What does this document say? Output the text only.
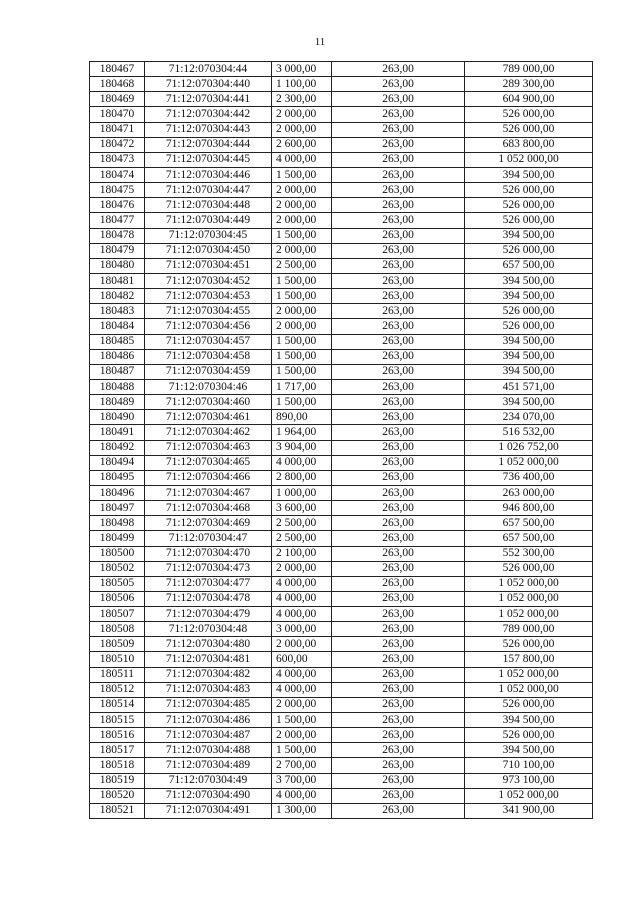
11
180467	71:12:070304:44	3 000,00	263,00	789 000,00
180468	71:12:070304:440	1 100,00	263,00	289 300,00
180469	71:12:070304:441	2 300,00	263,00	604 900,00
180470	71:12:070304:442	2 000,00	263,00	526 000,00
180471	71:12:070304:443	2 000,00	263,00	526 000,00
180472	71:12:070304:444	2 600,00	263,00	683 800,00
180473	71:12:070304:445	4 000,00	263,00	1 052 000,00
180474	71:12:070304:446	1 500,00	263,00	394 500,00
180475	71:12:070304:447	2 000,00	263,00	526 000,00
180476	71:12:070304:448	2 000,00	263,00	526 000,00
180477	71:12:070304:449	2 000,00	263,00	526 000,00
180478	71:12:070304:45	1 500,00	263,00	394 500,00
180479	71:12:070304:450	2 000,00	263,00	526 000,00
180480	71:12:070304:451	2 500,00	263,00	657 500,00
180481	71:12:070304:452	1 500,00	263,00	394 500,00
180482	71:12:070304:453	1 500,00	263,00	394 500,00
180483	71:12:070304:455	2 000,00	263,00	526 000,00
180484	71:12:070304:456	2 000,00	263,00	526 000,00
180485	71:12:070304:457	1 500,00	263,00	394 500,00
180486	71:12:070304:458	1 500,00	263,00	394 500,00
180487	71:12:070304:459	1 500,00	263,00	394 500,00
180488	71:12:070304:46	1 717,00	263,00	451 571,00
180489	71:12:070304:460	1 500,00	263,00	394 500,00
180490	71:12:070304:461	890,00	263,00	234 070,00
180491	71:12:070304:462	1 964,00	263,00	516 532,00
180492	71:12:070304:463	3 904,00	263,00	1 026 752,00
180494	71:12:070304:465	4 000,00	263,00	1 052 000,00
180495	71:12:070304:466	2 800,00	263,00	736 400,00
180496	71:12:070304:467	1 000,00	263,00	263 000,00
180497	71:12:070304:468	3 600,00	263,00	946 800,00
180498	71:12:070304:469	2 500,00	263,00	657 500,00
180499	71:12:070304:47	2 500,00	263,00	657 500,00
180500	71:12:070304:470	2 100,00	263,00	552 300,00
180502	71:12:070304:473	2 000,00	263,00	526 000,00
180505	71:12:070304:477	4 000,00	263,00	1 052 000,00
180506	71:12:070304:478	4 000,00	263,00	1 052 000,00
180507	71:12:070304:479	4 000,00	263,00	1 052 000,00
180508	71:12:070304:48	3 000,00	263,00	789 000,00
180509	71:12:070304:480	2 000,00	263,00	526 000,00
180510	71:12:070304:481	600,00	263,00	157 800,00
180511	71:12:070304:482	4 000,00	263,00	1 052 000,00
180512	71:12:070304:483	4 000,00	263,00	1 052 000,00
180514	71:12:070304:485	2 000,00	263,00	526 000,00
180515	71:12:070304:486	1 500,00	263,00	394 500,00
180516	71:12:070304:487	2 000,00	263,00	526 000,00
180517	71:12:070304:488	1 500,00	263,00	394 500,00
180518	71:12:070304:489	2 700,00	263,00	710 100,00
180519	71:12:070304:49	3 700,00	263,00	973 100,00
180520	71:12:070304:490	4 000,00	263,00	1 052 000,00
180521	71:12:070304:491	1 300,00	263,00	341 900,00
